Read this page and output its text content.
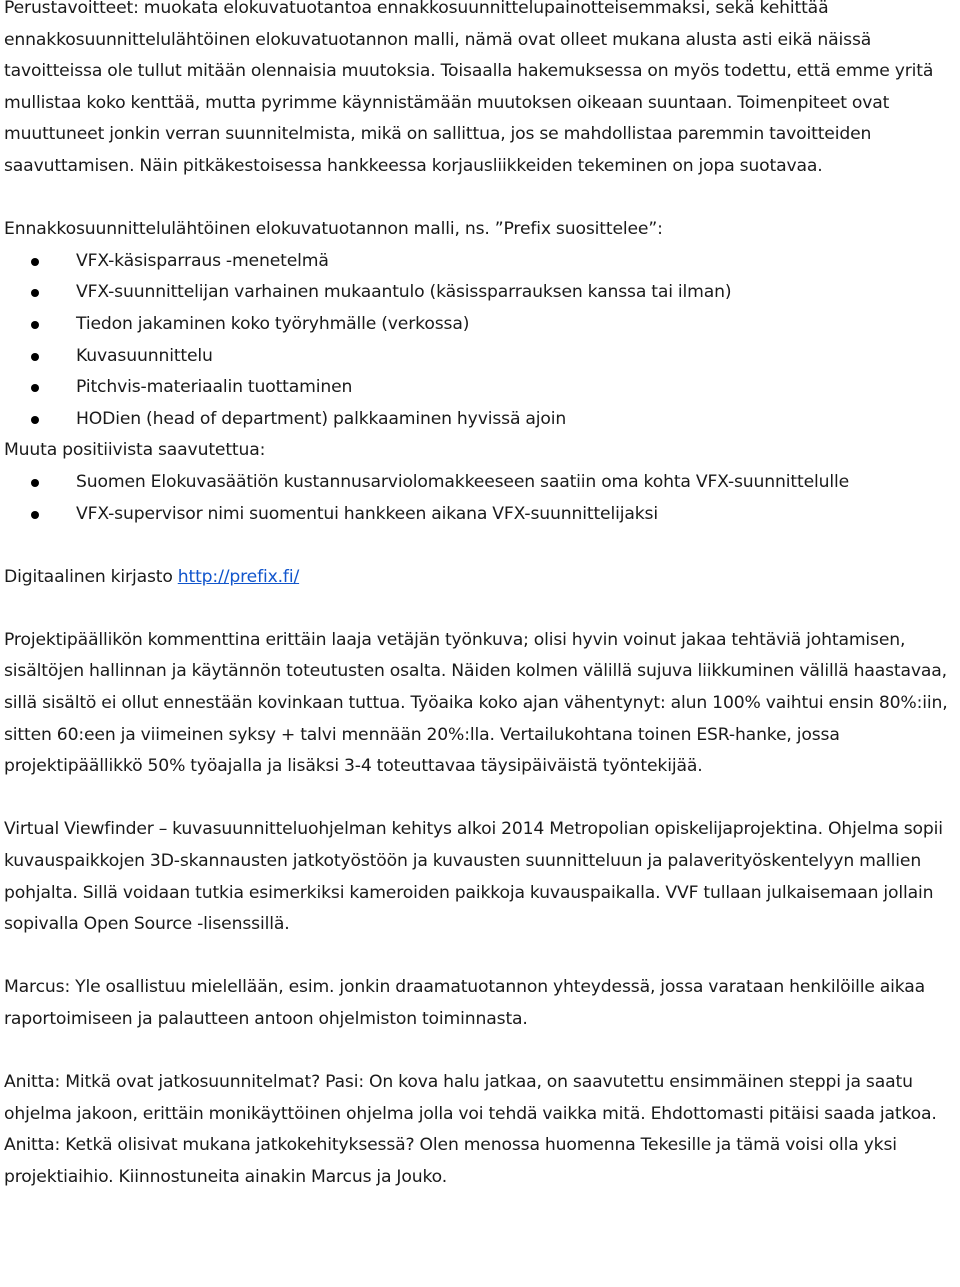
Perustavoitteet: muokata elokuvatuotantoa ennakkosuunnittelupainotteisemmaksi, sekä kehittää ennakkosuunnittelulähtöinen elokuvatuotannon malli, nämä ovat olleet mukana alusta asti eikä näissä tavoitteissa ole tullut mitään olennaisia muutoksia. Toisaalla hakemuksessa on myös todettu, että emme yritä mullistaa koko kenttää, mutta pyrimme käynnistämään muutoksen oikeaan suuntaan. Toimenpiteet ovat muuttuneet jonkin verran suunnitelmista, mikä on sallittua, jos se mahdollistaa paremmin tavoitteiden saavuttamisen. Näin pitkäkestoisessa hankkeessa korjausliikkeiden tekeminen on jopa suotavaa.

Ennakkosuunnittelulähtöinen elokuvatuotannon malli, ns. ”Prefix suosittelee”:

VFX-käsisparraus -menetelmä
VFX-suunnittelijan varhainen mukaantulo (käsissparrauksen kanssa tai ilman)
Tiedon jakaminen koko työryhmälle (verkossa)
Kuvasuunnittelu
Pitchvis-materiaalin tuottaminen
HODien (head of department) palkkaaminen hyvissä ajoin

Muuta positiivista saavutettua:

Suomen Elokuvasäätiön kustannusarviolomakkeeseen saatiin oma kohta VFX-suunnittelulle
VFX-supervisor nimi suomentui hankkeen aikana VFX-suunnittelijaksi

Digitaalinen kirjasto http://prefix.fi/

Projektipäällikön kommenttina erittäin laaja vetäjän työnkuva; olisi hyvin voinut jakaa tehtäviä johtamisen, sisältöjen hallinnan ja käytännön toteutusten osalta. Näiden kolmen välillä sujuva liikkuminen välillä haastavaa, sillä sisältö ei ollut ennestään kovinkaan tuttua. Työaika koko ajan vähentynyt: alun 100% vaihtui ensin 80%:iin, sitten 60:een ja viimeinen syksy + talvi mennään 20%:lla. Vertailukohtana toinen ESR-hanke, jossa projektipäällikkö 50% työajalla ja lisäksi 3-4 toteuttavaa täysipäiväistä työntekijää.

Virtual Viewfinder – kuvasuunnitteluohjelman kehitys alkoi 2014 Metropolian opiskelijaprojektina. Ohjelma sopii kuvauspaikkojen 3D-skannausten jatkotyöstöön ja kuvausten suunnitteluun ja palaverityöskentelyyn mallien pohjalta. Sillä voidaan tutkia esimerkiksi kameroiden paikkoja kuvauspaikalla. VVF tullaan julkaisemaan jollain sopivalla Open Source -lisenssillä.

Marcus: Yle osallistuu mielellään, esim. jonkin draamatuotannon yhteydessä, jossa varataan henkilöille aikaa raportoimiseen ja palautteen antoon ohjelmiston toiminnasta.

Anitta: Mitkä ovat jatkosuunnitelmat? Pasi: On kova halu jatkaa, on saavutettu ensimmäinen steppi ja saatu ohjelma jakoon, erittäin monikäyttöinen ohjelma jolla voi tehdä vaikka mitä. Ehdottomasti pitäisi saada jatkoa.

Anitta: Ketkä olisivat mukana jatkokehityksessä? Olen menossa huomenna Tekesille ja tämä voisi olla yksi projektiaihio. Kiinnostuneita ainakin Marcus ja Jouko.
